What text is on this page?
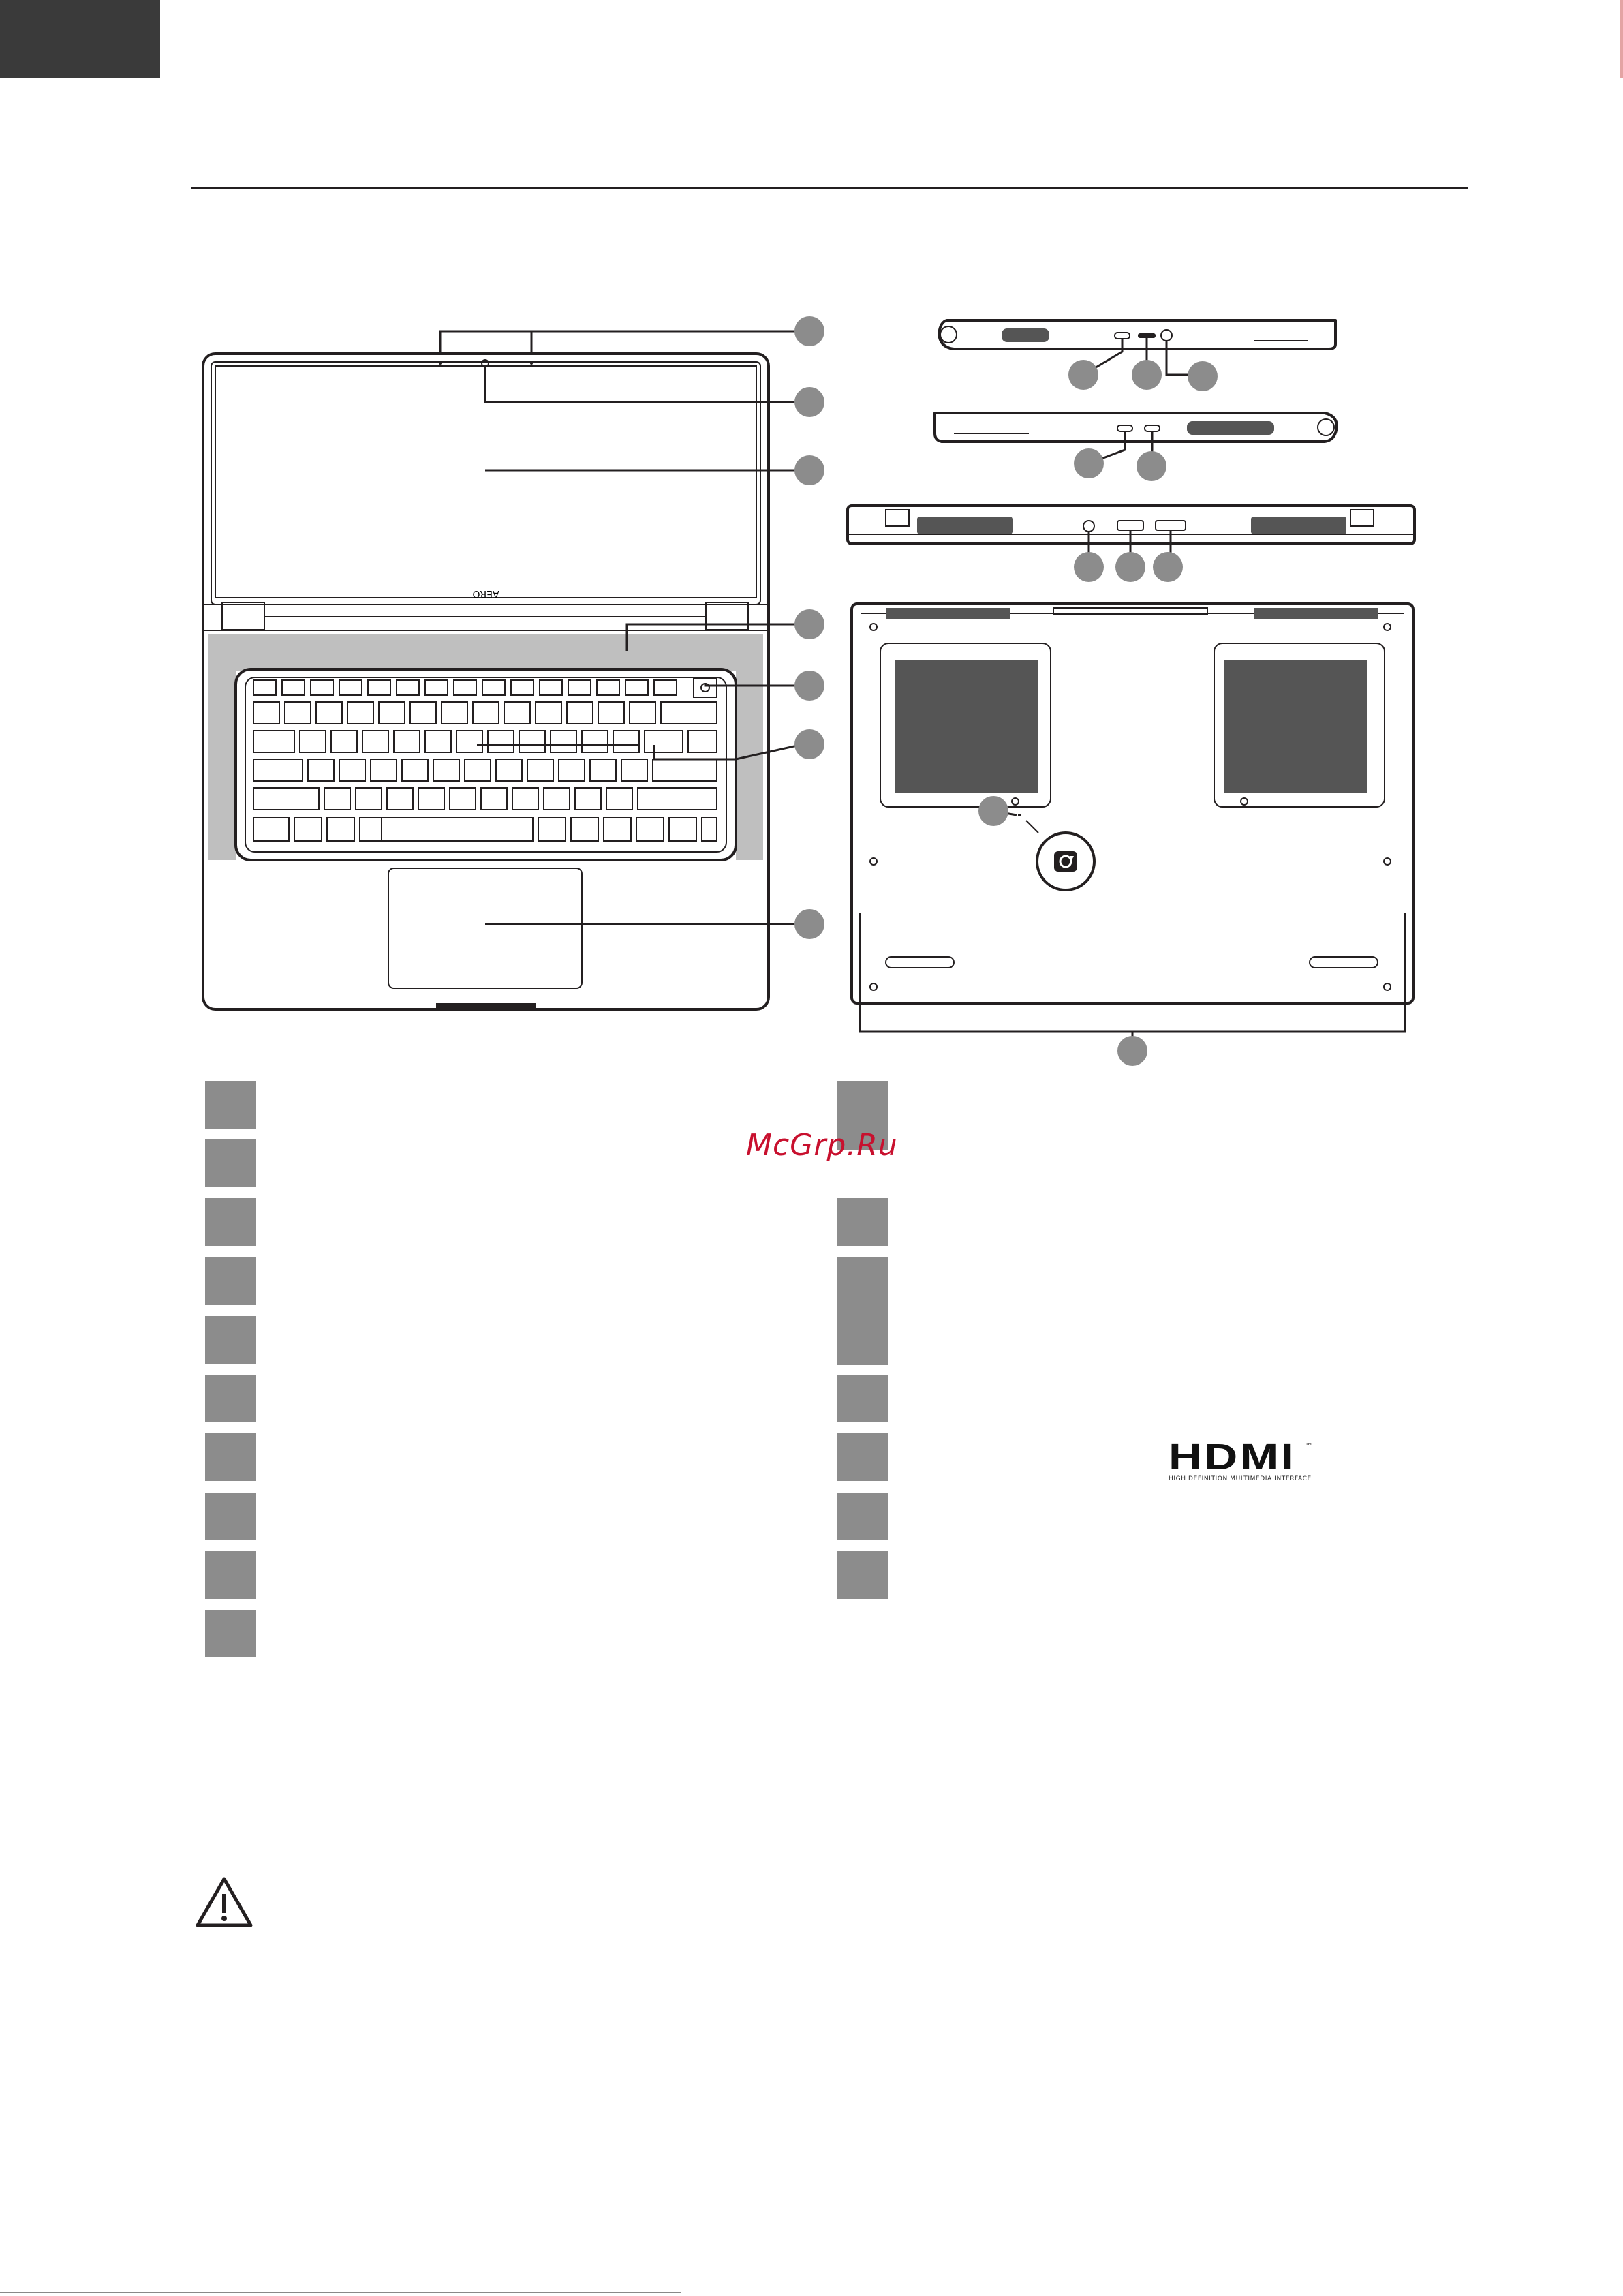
AERO
McGrp.Ru
HDMI ™
HIGH DEFINITION MULTIMEDIA INTERFACE
